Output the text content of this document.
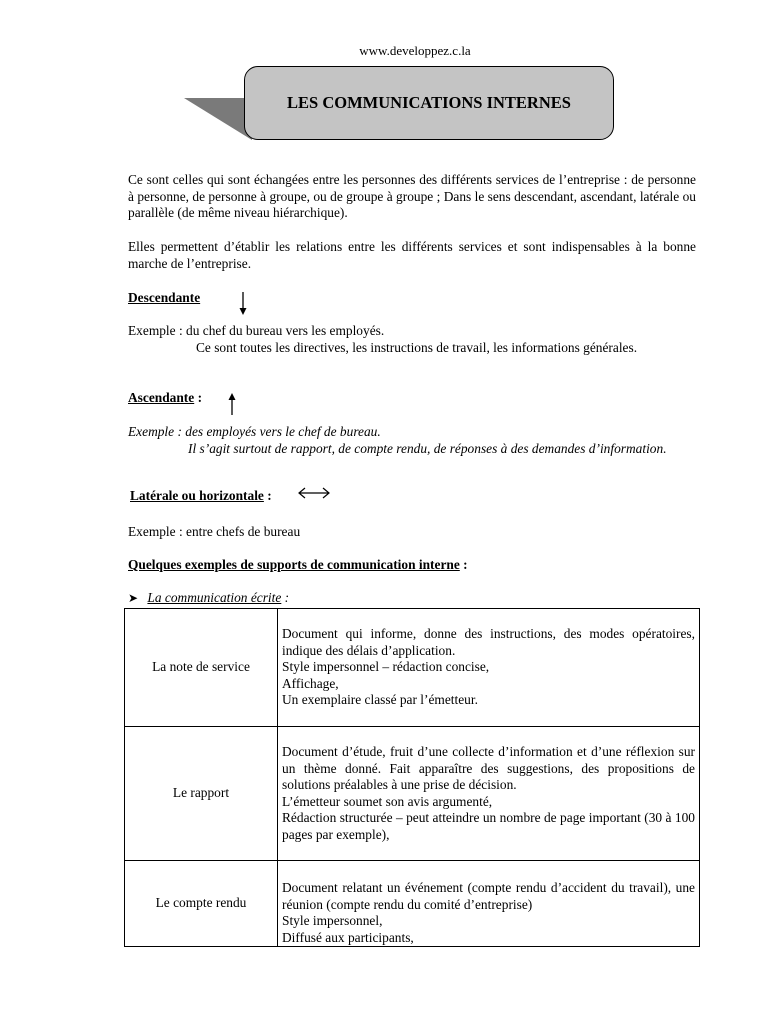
www.developpez.c.la
LES COMMUNICATIONS INTERNES
Ce sont celles qui sont échangées entre les personnes des différents services de l’entreprise : de personne à personne, de personne à groupe, ou de groupe à groupe ; Dans le sens descendant, ascendant, latérale ou parallèle (de même niveau hiérarchique).
Elles permettent d’établir les relations entre les différents services et sont indispensables à la bonne marche de l’entreprise.
Descendante
Exemple : du chef du bureau vers les employés.
Ce sont toutes les directives, les instructions de travail, les informations générales.
Ascendante :
Exemple : des employés vers le chef de bureau.
Il s’agit surtout de rapport, de compte rendu, de réponses à des demandes d’information.
Latérale ou horizontale :
Exemple : entre chefs de bureau
Quelques exemples de supports de communication interne :
➤ La communication écrite :
La note de service	Document qui informe, donne des instructions, des modes opératoires, indique des délais d’application.
Style impersonnel – rédaction concise,
Affichage,
Un exemplaire classé par l’émetteur.

Le rapport	Document d’étude, fruit d’une collecte d’information et d’une réflexion sur un thème donné. Fait apparaître des suggestions, des propositions de solutions préalables à une prise de décision.
L’émetteur soumet son avis argumenté,
Rédaction structurée – peut atteindre un nombre de page important (30 à 100 pages par exemple),

Le compte rendu	Document relatant un événement (compte rendu d’accident du travail), une réunion (compte rendu du comité d’entreprise)
Style impersonnel,
Diffusé aux participants,
